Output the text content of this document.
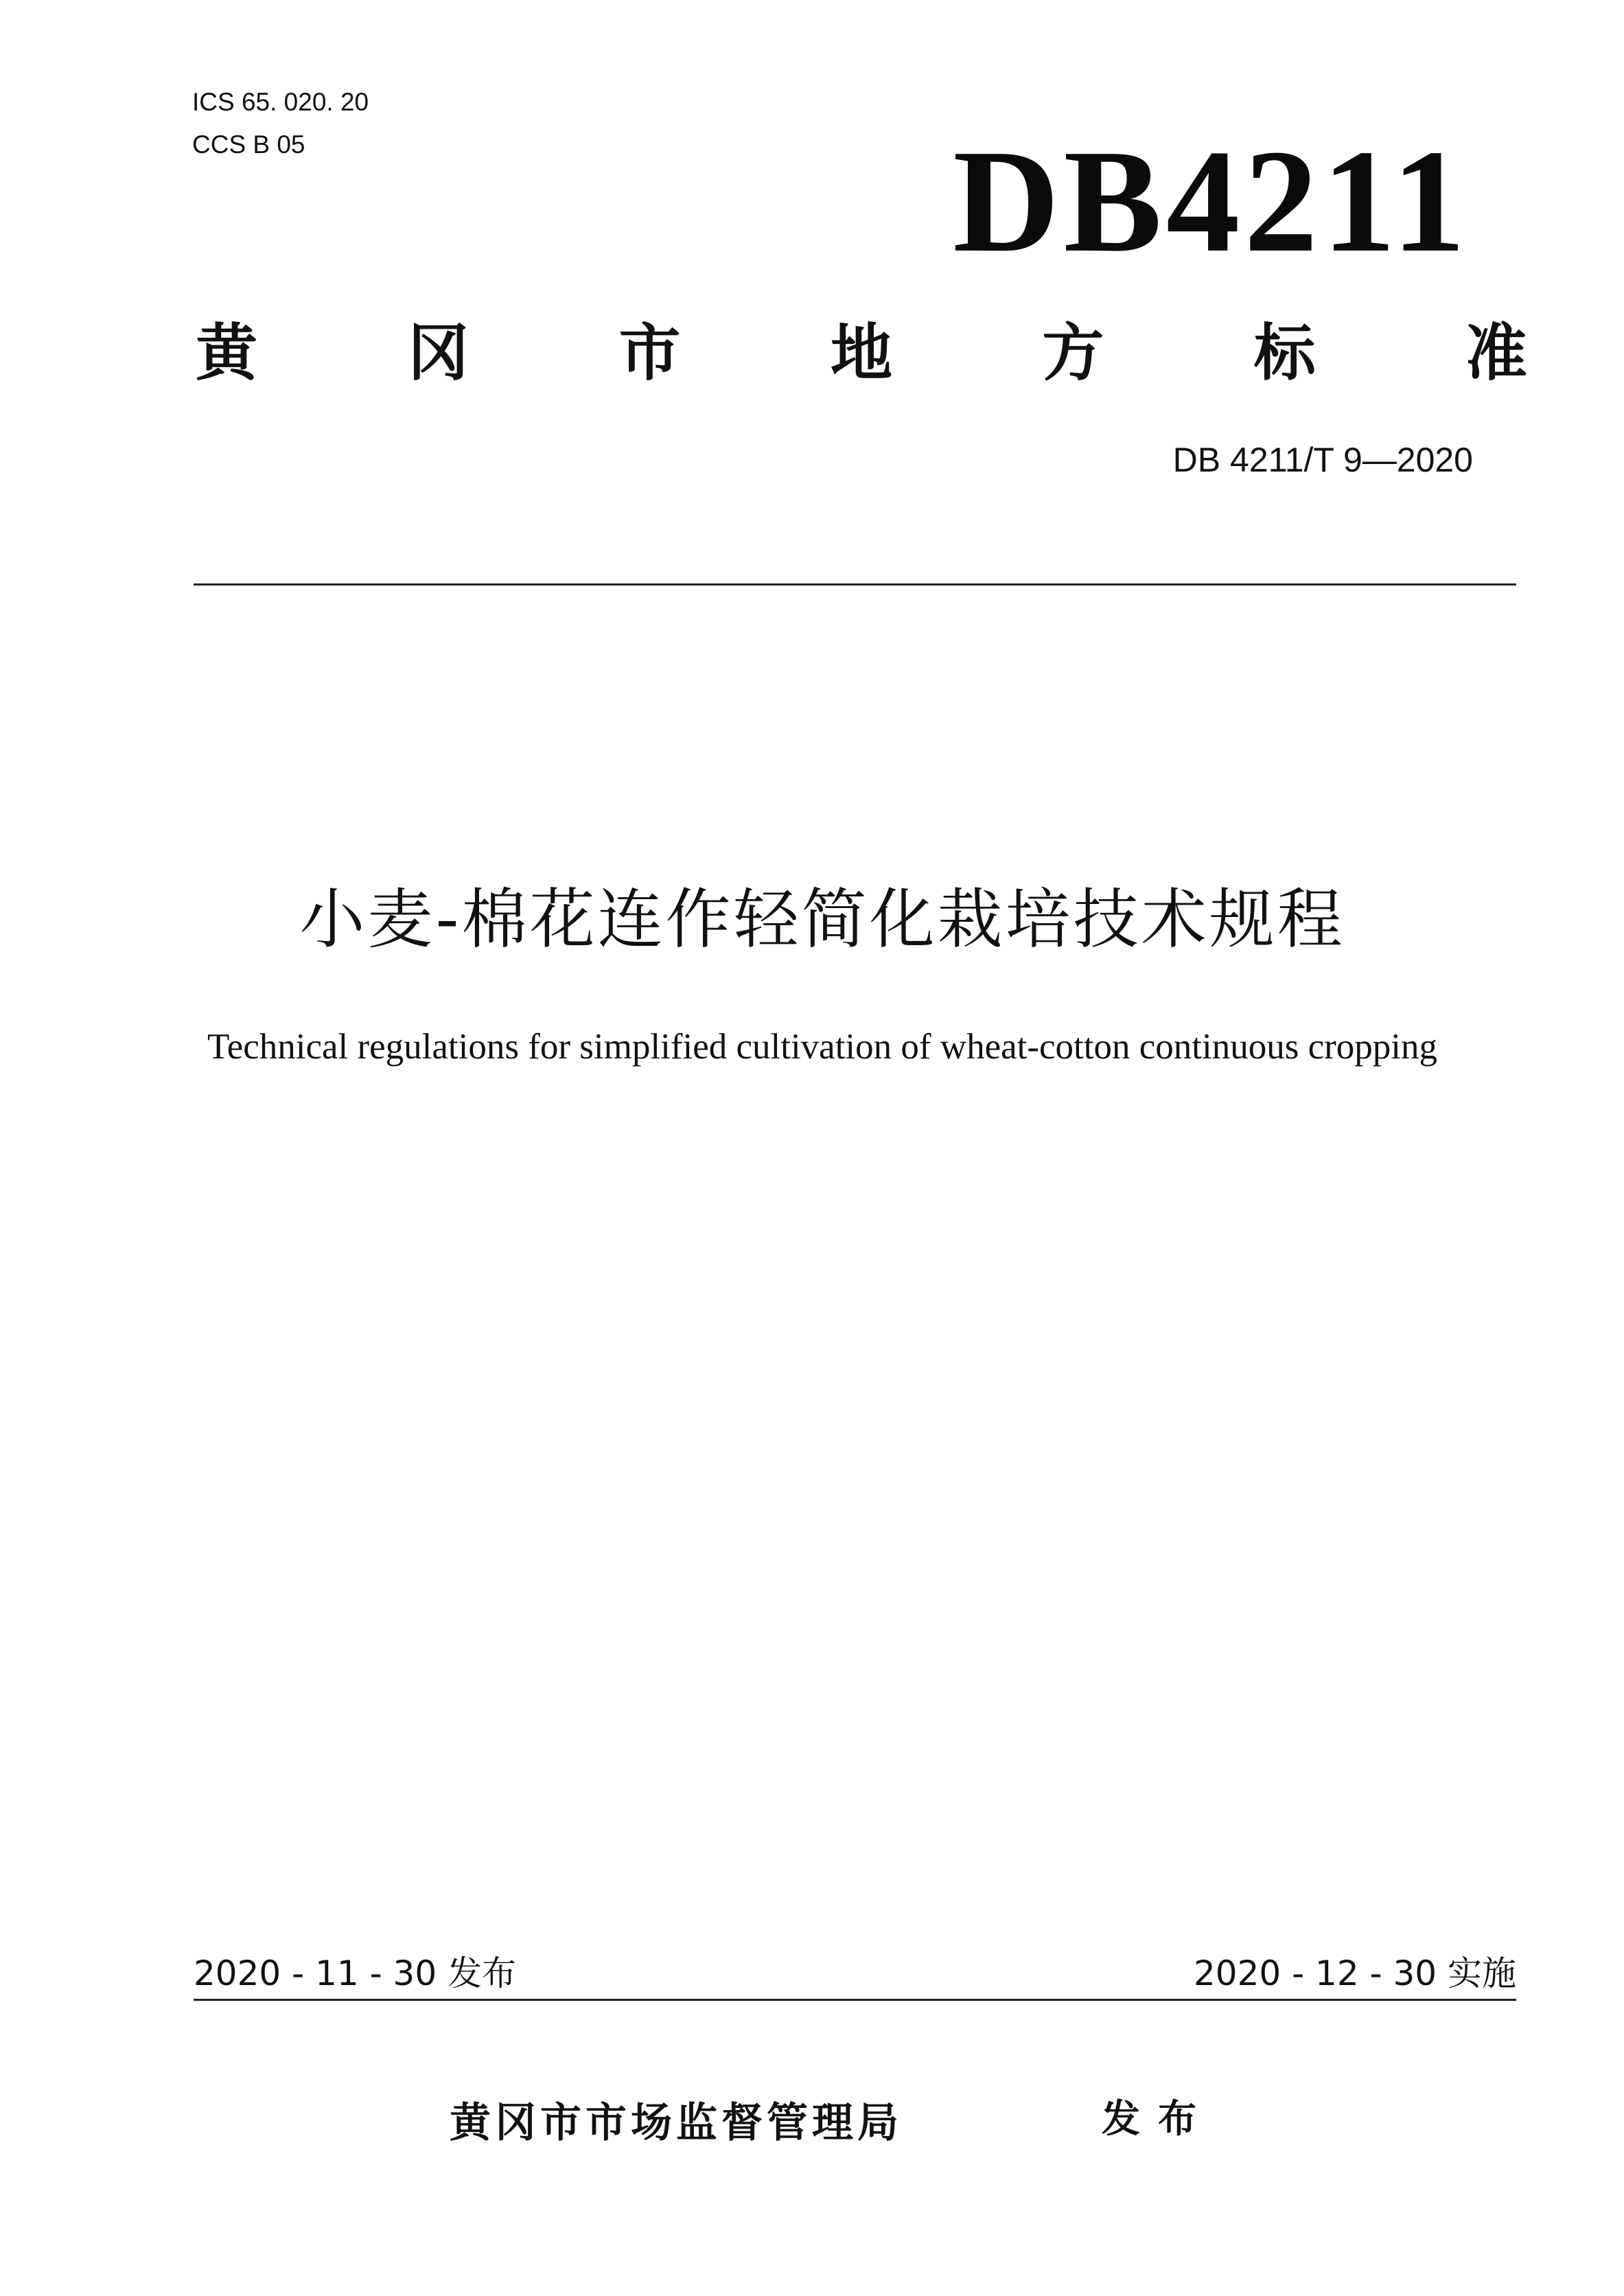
ICS 65. 020. 20
CCS B 05	DB4211
黄 冈 市 地 方 标 准
DB 4211/T 9—2020
小麦-棉花连作轻简化栽培技术规程
Technical regulations for simplified cultivation of wheat-cotton continuous cropping
2020 - 11 - 30 发布	2020 - 12 - 30 实施
黄冈市市场监督管理局	发布
